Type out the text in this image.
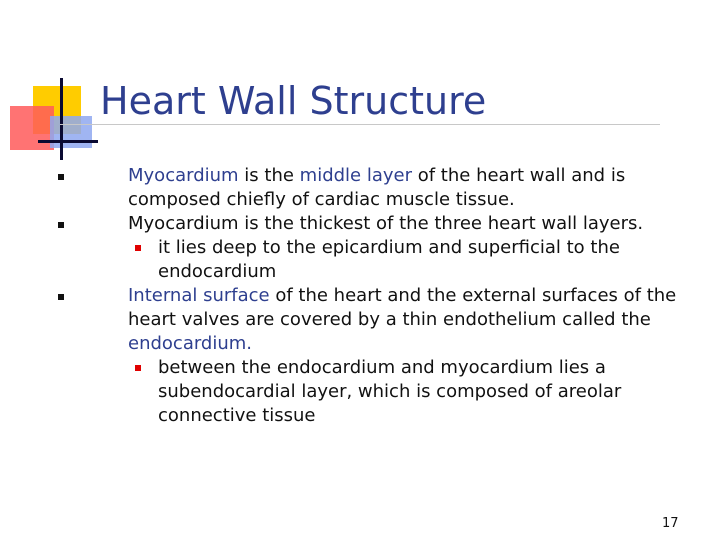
Heart Wall Structure
Myocardium is the middle layer of the heart wall and is composed chiefly of cardiac muscle tissue.
Myocardium is the thickest of the three heart wall layers.
it lies deep to the epicardium and superficial to the endocardium
Internal surface of the heart and the external surfaces of the heart valves are covered by a thin endothelium called the endocardium.
between the endocardium and myocardium lies a subendocardial layer, which is composed of areolar connective tissue
17
